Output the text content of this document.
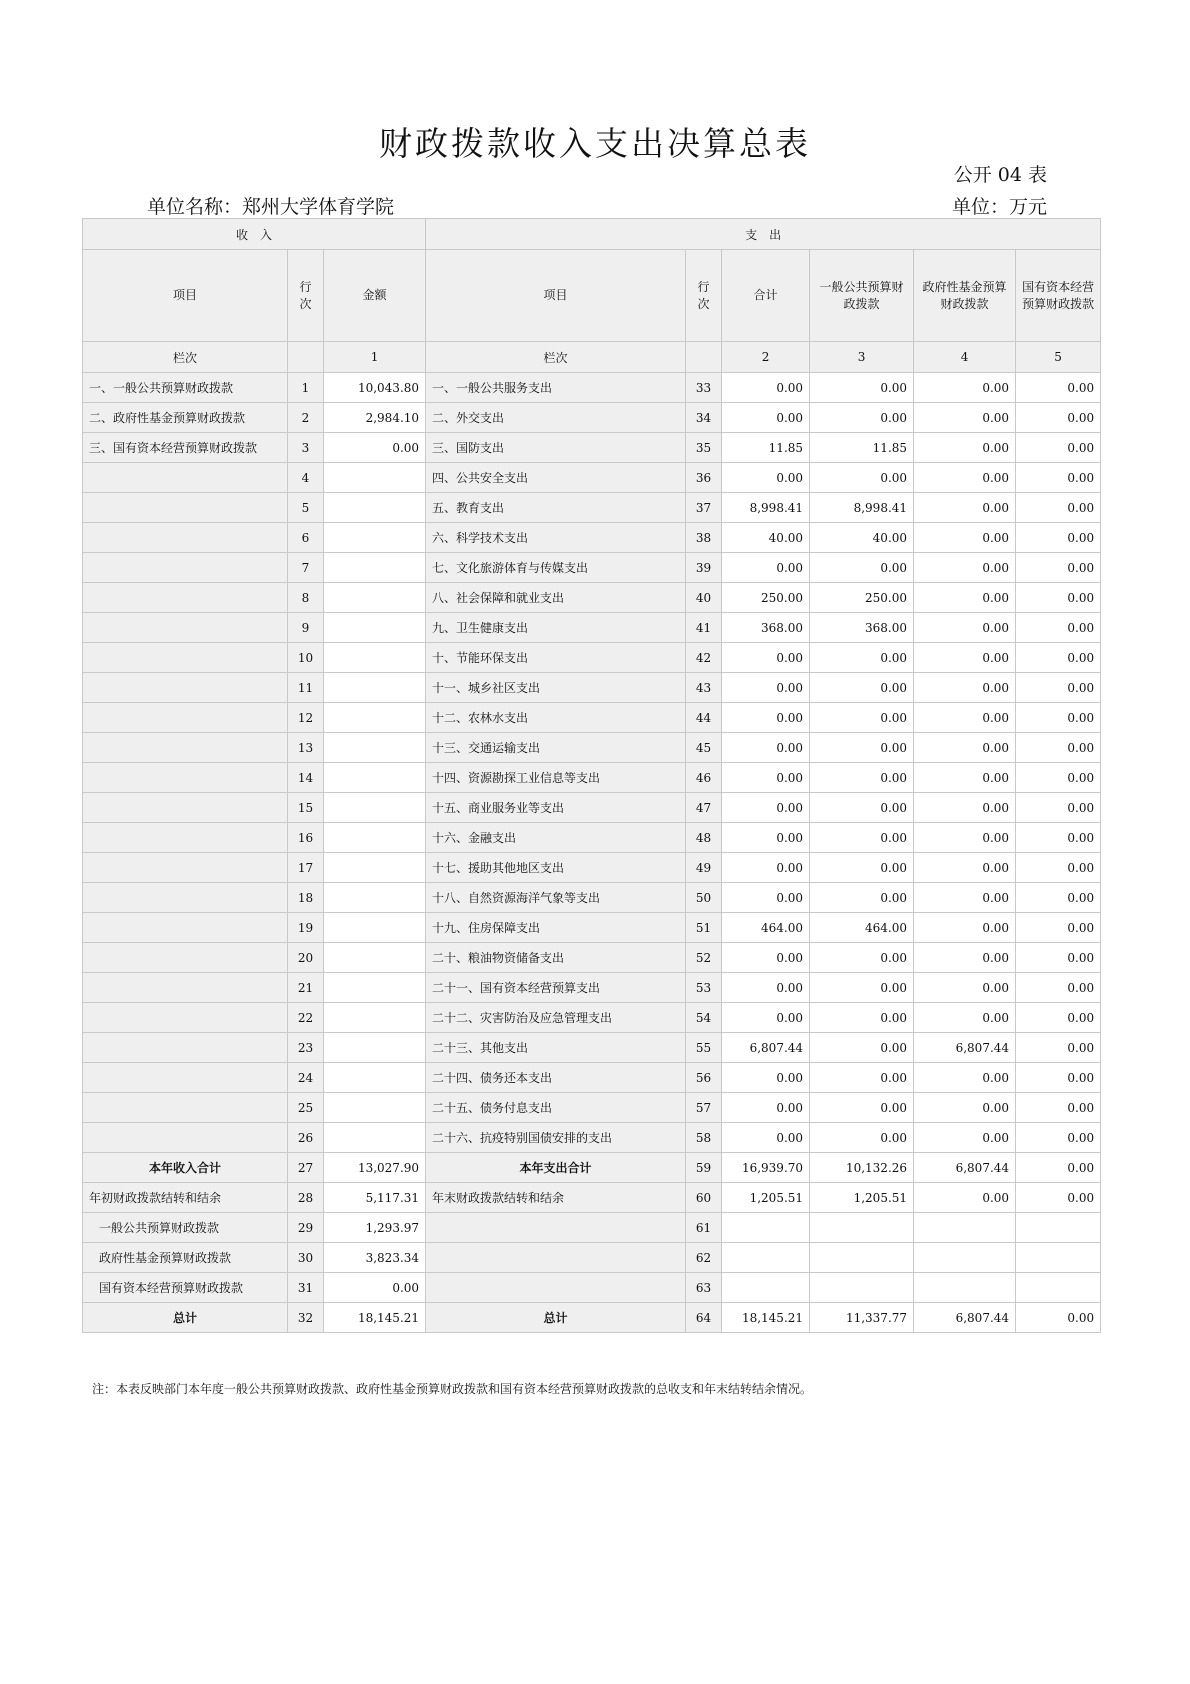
财政拨款收入支出决算总表
公开 04 表
单位名称：郑州大学体育学院	单位：万元
收　入			支　出					
项目	行次	金额	项目	行次	合计	一般公共预算财政拨款	政府性基金预算财政拨款	国有资本经营预算财政拨款
栏次		1	栏次		2	3	4	5
一、一般公共预算财政拨款	1	10,043.80	一、一般公共服务支出	33	0.00	0.00	0.00	0.00
二、政府性基金预算财政拨款	2	2,984.10	二、外交支出	34	0.00	0.00	0.00	0.00
三、国有资本经营预算财政拨款	3	0.00	三、国防支出	35	11.85	11.85	0.00	0.00
	4		四、公共安全支出	36	0.00	0.00	0.00	0.00
	5		五、教育支出	37	8,998.41	8,998.41	0.00	0.00
	6		六、科学技术支出	38	40.00	40.00	0.00	0.00
	7		七、文化旅游体育与传媒支出	39	0.00	0.00	0.00	0.00
	8		八、社会保障和就业支出	40	250.00	250.00	0.00	0.00
	9		九、卫生健康支出	41	368.00	368.00	0.00	0.00
	10		十、节能环保支出	42	0.00	0.00	0.00	0.00
	11		十一、城乡社区支出	43	0.00	0.00	0.00	0.00
	12		十二、农林水支出	44	0.00	0.00	0.00	0.00
	13		十三、交通运输支出	45	0.00	0.00	0.00	0.00
	14		十四、资源勘探工业信息等支出	46	0.00	0.00	0.00	0.00
	15		十五、商业服务业等支出	47	0.00	0.00	0.00	0.00
	16		十六、金融支出	48	0.00	0.00	0.00	0.00
	17		十七、援助其他地区支出	49	0.00	0.00	0.00	0.00
	18		十八、自然资源海洋气象等支出	50	0.00	0.00	0.00	0.00
	19		十九、住房保障支出	51	464.00	464.00	0.00	0.00
	20		二十、粮油物资储备支出	52	0.00	0.00	0.00	0.00
	21		二十一、国有资本经营预算支出	53	0.00	0.00	0.00	0.00
	22		二十二、灾害防治及应急管理支出	54	0.00	0.00	0.00	0.00
	23		二十三、其他支出	55	6,807.44	0.00	6,807.44	0.00
	24		二十四、债务还本支出	56	0.00	0.00	0.00	0.00
	25		二十五、债务付息支出	57	0.00	0.00	0.00	0.00
	26		二十六、抗疫特别国债安排的支出	58	0.00	0.00	0.00	0.00
本年收入合计	27	13,027.90	本年支出合计	59	16,939.70	10,132.26	6,807.44	0.00
年初财政拨款结转和结余	28	5,117.31	年末财政拨款结转和结余	60	1,205.51	1,205.51	0.00	0.00
一般公共预算财政拨款	29	1,293.97		61				
政府性基金预算财政拨款	30	3,823.34		62				
国有资本经营预算财政拨款	31	0.00		63				
总计	32	18,145.21	总计	64	18,145.21	11,337.77	6,807.44	0.00
注：本表反映部门本年度一般公共预算财政拨款、政府性基金预算财政拨款和国有资本经营预算财政拨款的总收支和年末结转结余情况。
